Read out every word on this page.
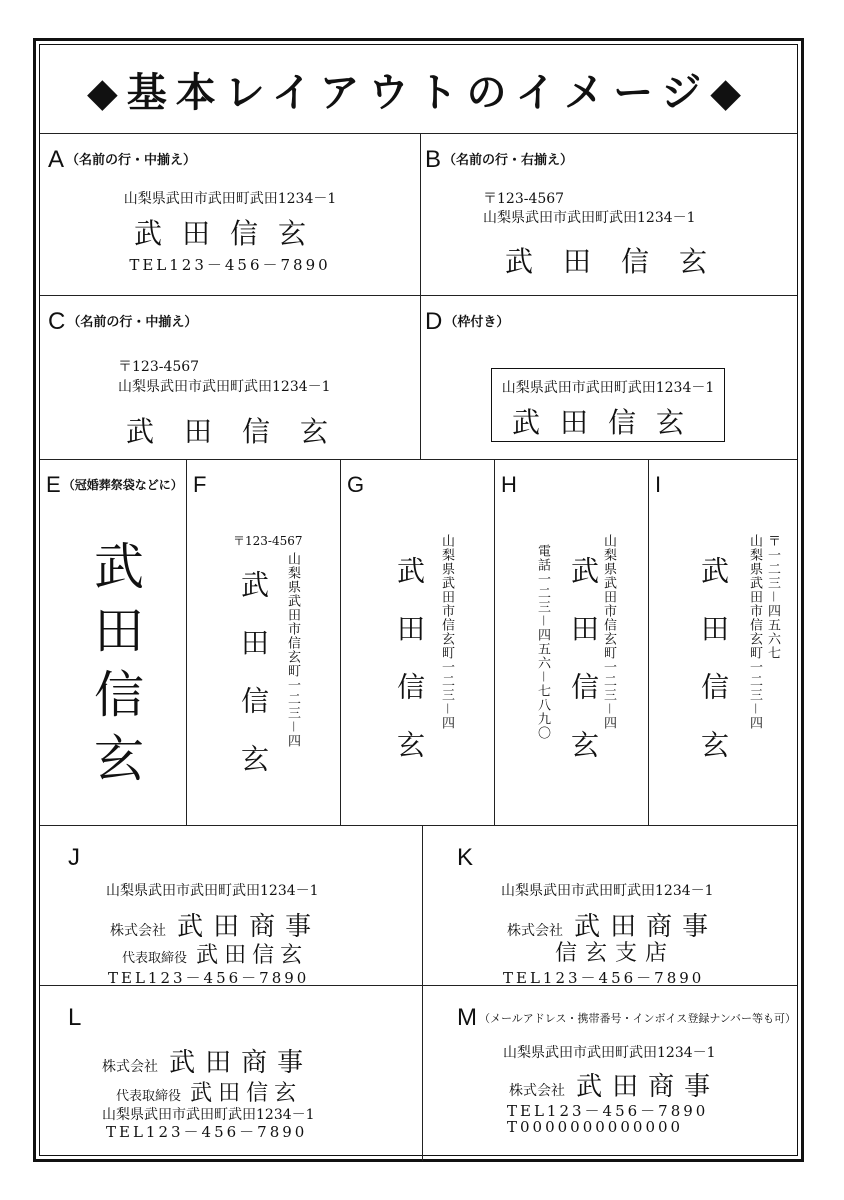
◆基本レイアウトのイメージ◆
A （名前の行・中揃え）
山梨県武田市武田町武田1234－1
武田信玄
TEL123－456－7890
B （名前の行・右揃え）
〒123-4567
山梨県武田市武田町武田1234－1
武田信玄
C （名前の行・中揃え）
〒123-4567
山梨県武田市武田町武田1234－1
武田信玄
D （枠付き）
山梨県武田市武田町武田1234－1
武田信玄
E （冠婚葬祭袋などに）
武田信玄
F
〒123-4567
山梨県武田市信玄町一二三－四
武田信玄
G
山梨県武田市信玄町一二三－四
武田信玄
H
山梨県武田市信玄町一二三－四
武田信玄
電話一二三－四五六－七八九〇
I
〒一二三－四五六七
山梨県武田市信玄町一二三－四
武田信玄
J
山梨県武田市武田町武田1234－1
株式会社 武田商事
代表取締役 武田信玄
TEL123－456－7890
K
山梨県武田市武田町武田1234－1
株式会社 武田商事
信玄支店
TEL123－456－7890
L
株式会社 武田商事
代表取締役 武田信玄
山梨県武田市武田町武田1234－1
TEL123－456－7890
M （メールアドレス・携帯番号・インボイス登録ナンバー等も可）
山梨県武田市武田町武田1234－1
株式会社 武田商事
TEL123－456－7890
T0000000000000
